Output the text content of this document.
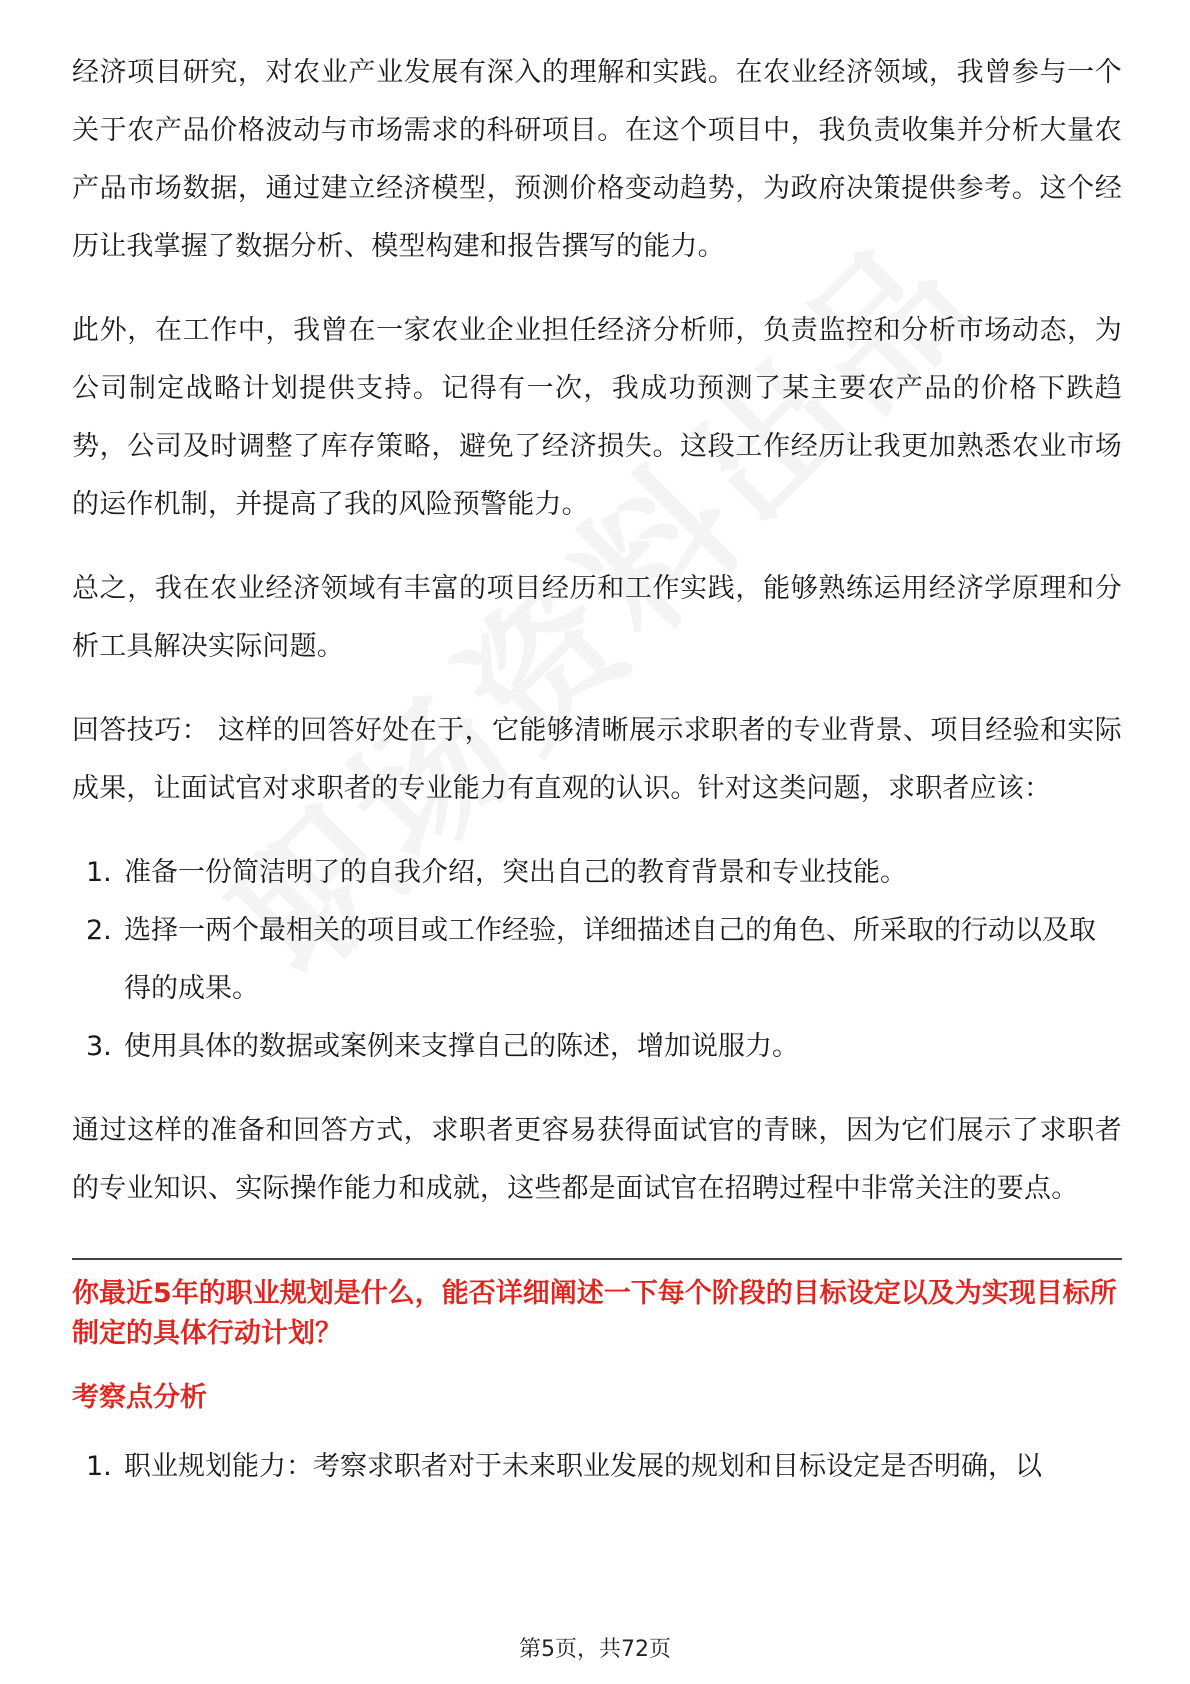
经济项目研究，对农业产业发展有深入的理解和实践。在农业经济领域，我曾参与一个关于农产品价格波动与市场需求的科研项目。在这个项目中，我负责收集并分析大量农产品市场数据，通过建立经济模型，预测价格变动趋势，为政府决策提供参考。这个经历让我掌握了数据分析、模型构建和报告撰写的能力。

此外，在工作中，我曾在一家农业企业担任经济分析师，负责监控和分析市场动态，为公司制定战略计划提供支持。记得有一次，我成功预测了某主要农产品的价格下跌趋势，公司及时调整了库存策略，避免了经济损失。这段工作经历让我更加熟悉农业市场的运作机制，并提高了我的风险预警能力。

总之，我在农业经济领域有丰富的项目经历和工作实践，能够熟练运用经济学原理和分析工具解决实际问题。

回答技巧： 这样的回答好处在于，它能够清晰展示求职者的专业背景、项目经验和实际成果，让面试官对求职者的专业能力有直观的认识。针对这类问题，求职者应该：

1. 准备一份简洁明了的自我介绍，突出自己的教育背景和专业技能。
2. 选择一两个最相关的项目或工作经验，详细描述自己的角色、所采取的行动以及取得的成果。
3. 使用具体的数据或案例来支撑自己的陈述，增加说服力。

通过这样的准备和回答方式，求职者更容易获得面试官的青睐，因为它们展示了求职者的专业知识、实际操作能力和成就，这些都是面试官在招聘过程中非常关注的要点。

你最近5年的职业规划是什么，能否详细阐述一下每个阶段的目标设定以及为实现目标所制定的具体行动计划？
考察点分析
1. 职业规划能力：考察求职者对于未来职业发展的规划和目标设定是否明确，以
第5页，共72页
